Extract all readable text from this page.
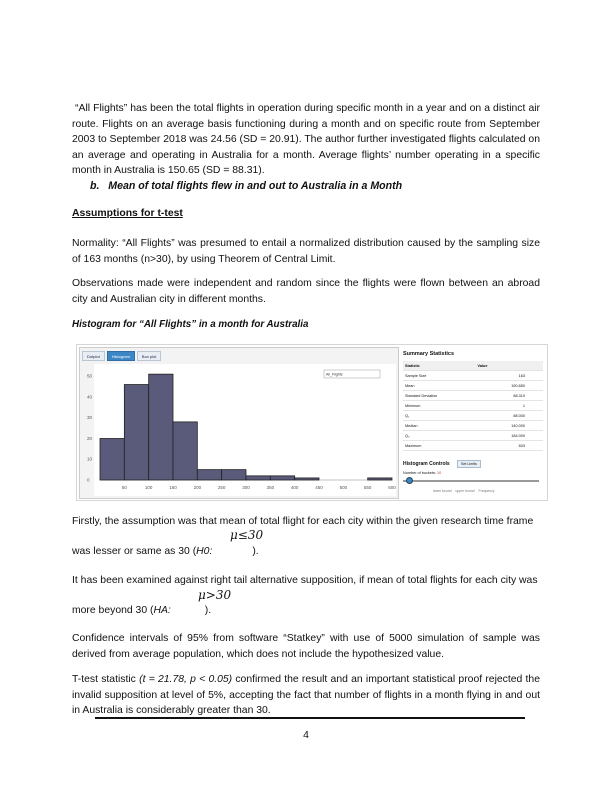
“All Flights” has been the total flights in operation during specific month in a year and on a distinct air route. Flights on an average basis functioning during a month and on specific route from September 2003 to September 2018 was 24.56 (SD = 20.91). The author further investigated flights calculated on an average and operating in Australia for a month. Average flights’ number operating in a specific month in Australia is 150.65 (SD = 88.31).

b.   Mean of total flights flew in and out to Australia in a Month

Assumptions for t-test

Normality: “All Flights” was presumed to entail a normalized distribution caused by the sampling size of 163 months (n>30), by using Theorem of Central Limit.

Observations made were independent and random since the flights were flown between an abroad city and Australian city in different months.

Histogram for “All Flights” in a month for Australia

Dotplot	Histogram	Box plot
50	100	150	200	250	300	350	400	450	500	550	600
0
10
20
30
40
50	All_Flights
Summary Statistics
Statistic	Value
Sample Size	163
Mean	150.650
Standard Deviation	88.310
Minimum	1
Q₁	88.000
Median	140.000
Q₃	184.000
Maximum	603
Histogram Controls	Set Limits
Number of buckets: 10
lower bound upper bound Frequency

Firstly, the assumption was that mean of total flight for each city within the given research time frame

μ≤30

was lesser or same as 30 (H0:	).

It has been examined against right tail alternative supposition, if mean of total flights for each city was

μ>30

more beyond 30 (HA:	).

Confidence intervals of 95% from software “Statkey” with use of 5000 simulation of sample was derived from average population, which does not include the hypothesized value.

T-test statistic (t = 21.78, p < 0.05) confirmed the result and an important statistical proof rejected the invalid supposition at level of 5%, accepting the fact that number of flights in a month flying in and out in Australia is considerably greater than 30.

4
